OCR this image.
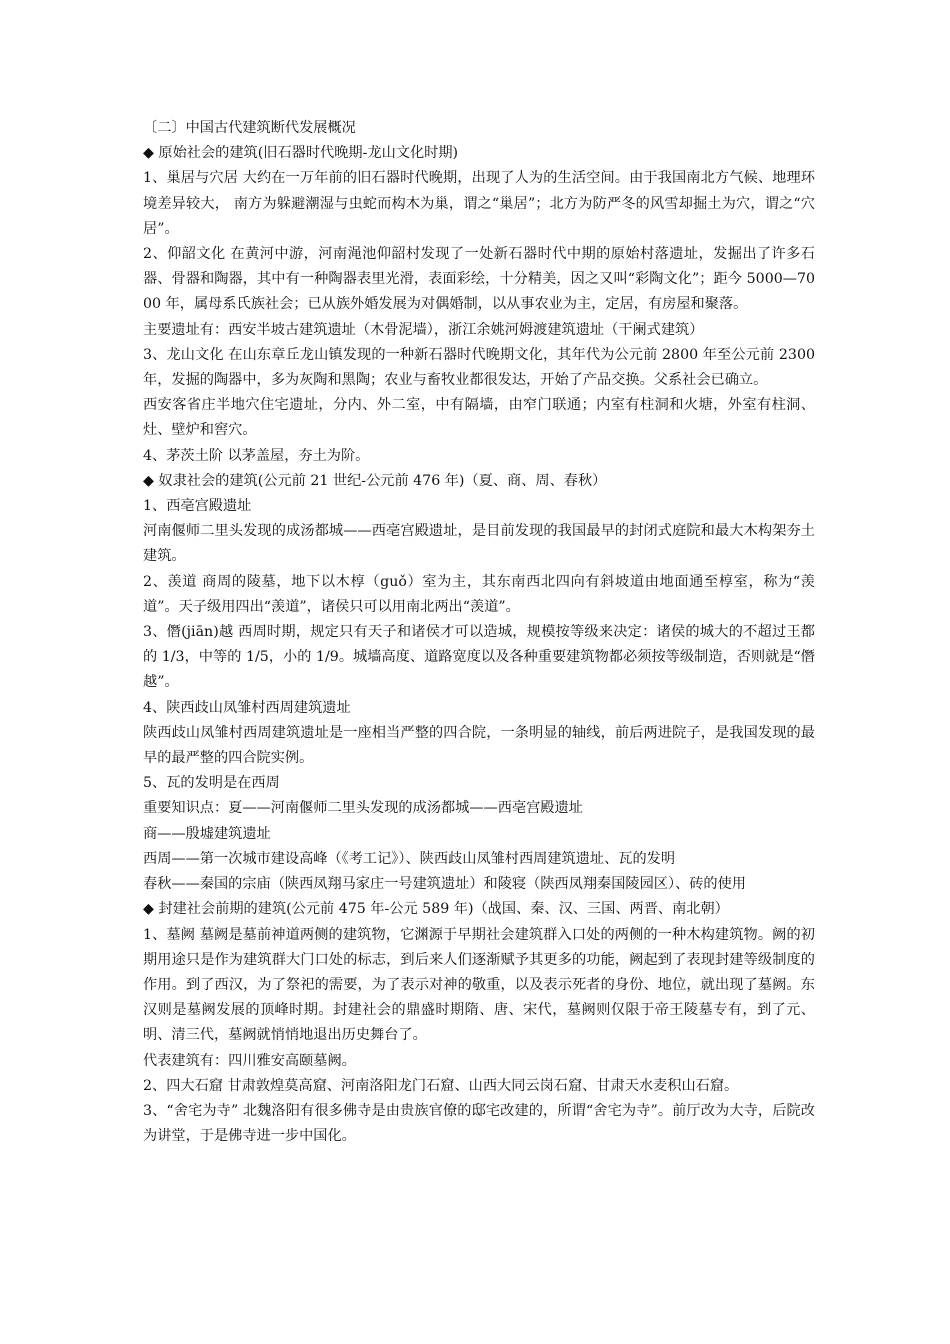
〔二〕中国古代建筑断代发展概况

◆ 原始社会的建筑(旧石器时代晚期-龙山文化时期)

1、巢居与穴居 大约在一万年前的旧石器时代晚期，出现了人为的生活空间。由于我国南北方气候、地理环境差异较大， 南方为躲避潮湿与虫蛇而构木为巢，谓之“巢居”；北方为防严冬的风雪却掘土为穴，谓之“穴居”。

2、仰韶文化 在黄河中游，河南渑池仰韶村发现了一处新石器时代中期的原始村落遗址，发掘出了许多石器、骨器和陶器，其中有一种陶器表里光滑，表面彩绘，十分精美，因之又叫“彩陶文化”；距今 5000—7000 年，属母系氏族社会；已从族外婚发展为对偶婚制，以从事农业为主，定居，有房屋和聚落。

主要遗址有：西安半坡古建筑遗址（木骨泥墙），浙江余姚河姆渡建筑遗址（干阑式建筑）

3、龙山文化 在山东章丘龙山镇发现的一种新石器时代晚期文化，其年代为公元前 2800 年至公元前 2300 年，发掘的陶器中，多为灰陶和黑陶；农业与畜牧业都很发达，开始了产品交换。父系社会已确立。

西安客省庄半地穴住宅遗址，分内、外二室，中有隔墙，由窄门联通；内室有柱洞和火塘，外室有柱洞、灶、壁炉和窖穴。

4、茅茨土阶 以茅盖屋，夯土为阶。

◆ 奴隶社会的建筑(公元前 21 世纪-公元前 476 年)（夏、商、周、春秋）

1、西亳宫殿遗址

河南偃师二里头发现的成汤都城——西亳宫殿遗址，是目前发现的我国最早的封闭式庭院和最大木构架夯土建筑。

2、羡道 商周的陵墓，地下以木椁（guǒ）室为主，其东南西北四向有斜坡道由地面通至椁室，称为“羡道”。天子级用四出“羡道”，诸侯只可以用南北两出“羡道”。

3、僭(jiān)越 西周时期，规定只有天子和诸侯才可以造城，规模按等级来决定：诸侯的城大的不超过王都的 1/3，中等的 1/5，小的 1/9。城墙高度、道路宽度以及各种重要建筑物都必须按等级制造，否则就是“僭越”。

4、陕西歧山凤雏村西周建筑遗址

陕西歧山凤雏村西周建筑遗址是一座相当严整的四合院，一条明显的轴线，前后两进院子，是我国发现的最早的最严整的四合院实例。

5、瓦的发明是在西周

重要知识点：夏——河南偃师二里头发现的成汤都城——西亳宫殿遗址

商——殷墟建筑遗址

西周——第一次城市建设高峰（《考工记》）、陕西歧山凤雏村西周建筑遗址、瓦的发明

春秋——秦国的宗庙（陕西凤翔马家庄一号建筑遗址）和陵寝（陕西凤翔秦国陵园区）、砖的使用

◆ 封建社会前期的建筑(公元前 475 年-公元 589 年)（战国、秦、汉、三国、两晋、南北朝）

1、墓阙 墓阙是墓前神道两侧的建筑物，它渊源于早期社会建筑群入口处的两侧的一种木构建筑物。阙的初期用途只是作为建筑群大门口处的标志，到后来人们逐渐赋予其更多的功能，阙起到了表现封建等级制度的作用。到了西汉，为了祭祀的需要，为了表示对神的敬重，以及表示死者的身份、地位，就出现了墓阙。东汉则是墓阙发展的顶峰时期。封建社会的鼎盛时期隋、唐、宋代，墓阙则仅限于帝王陵墓专有，到了元、明、清三代，墓阙就悄悄地退出历史舞台了。

代表建筑有：四川雅安高颐墓阙。

2、四大石窟 甘肃敦煌莫高窟、河南洛阳龙门石窟、山西大同云岗石窟、甘肃天水麦积山石窟。

3、“舍宅为寺” 北魏洛阳有很多佛寺是由贵族官僚的邸宅改建的，所谓“舍宅为寺”。前厅改为大寺，后院改为讲堂，于是佛寺进一步中国化。
